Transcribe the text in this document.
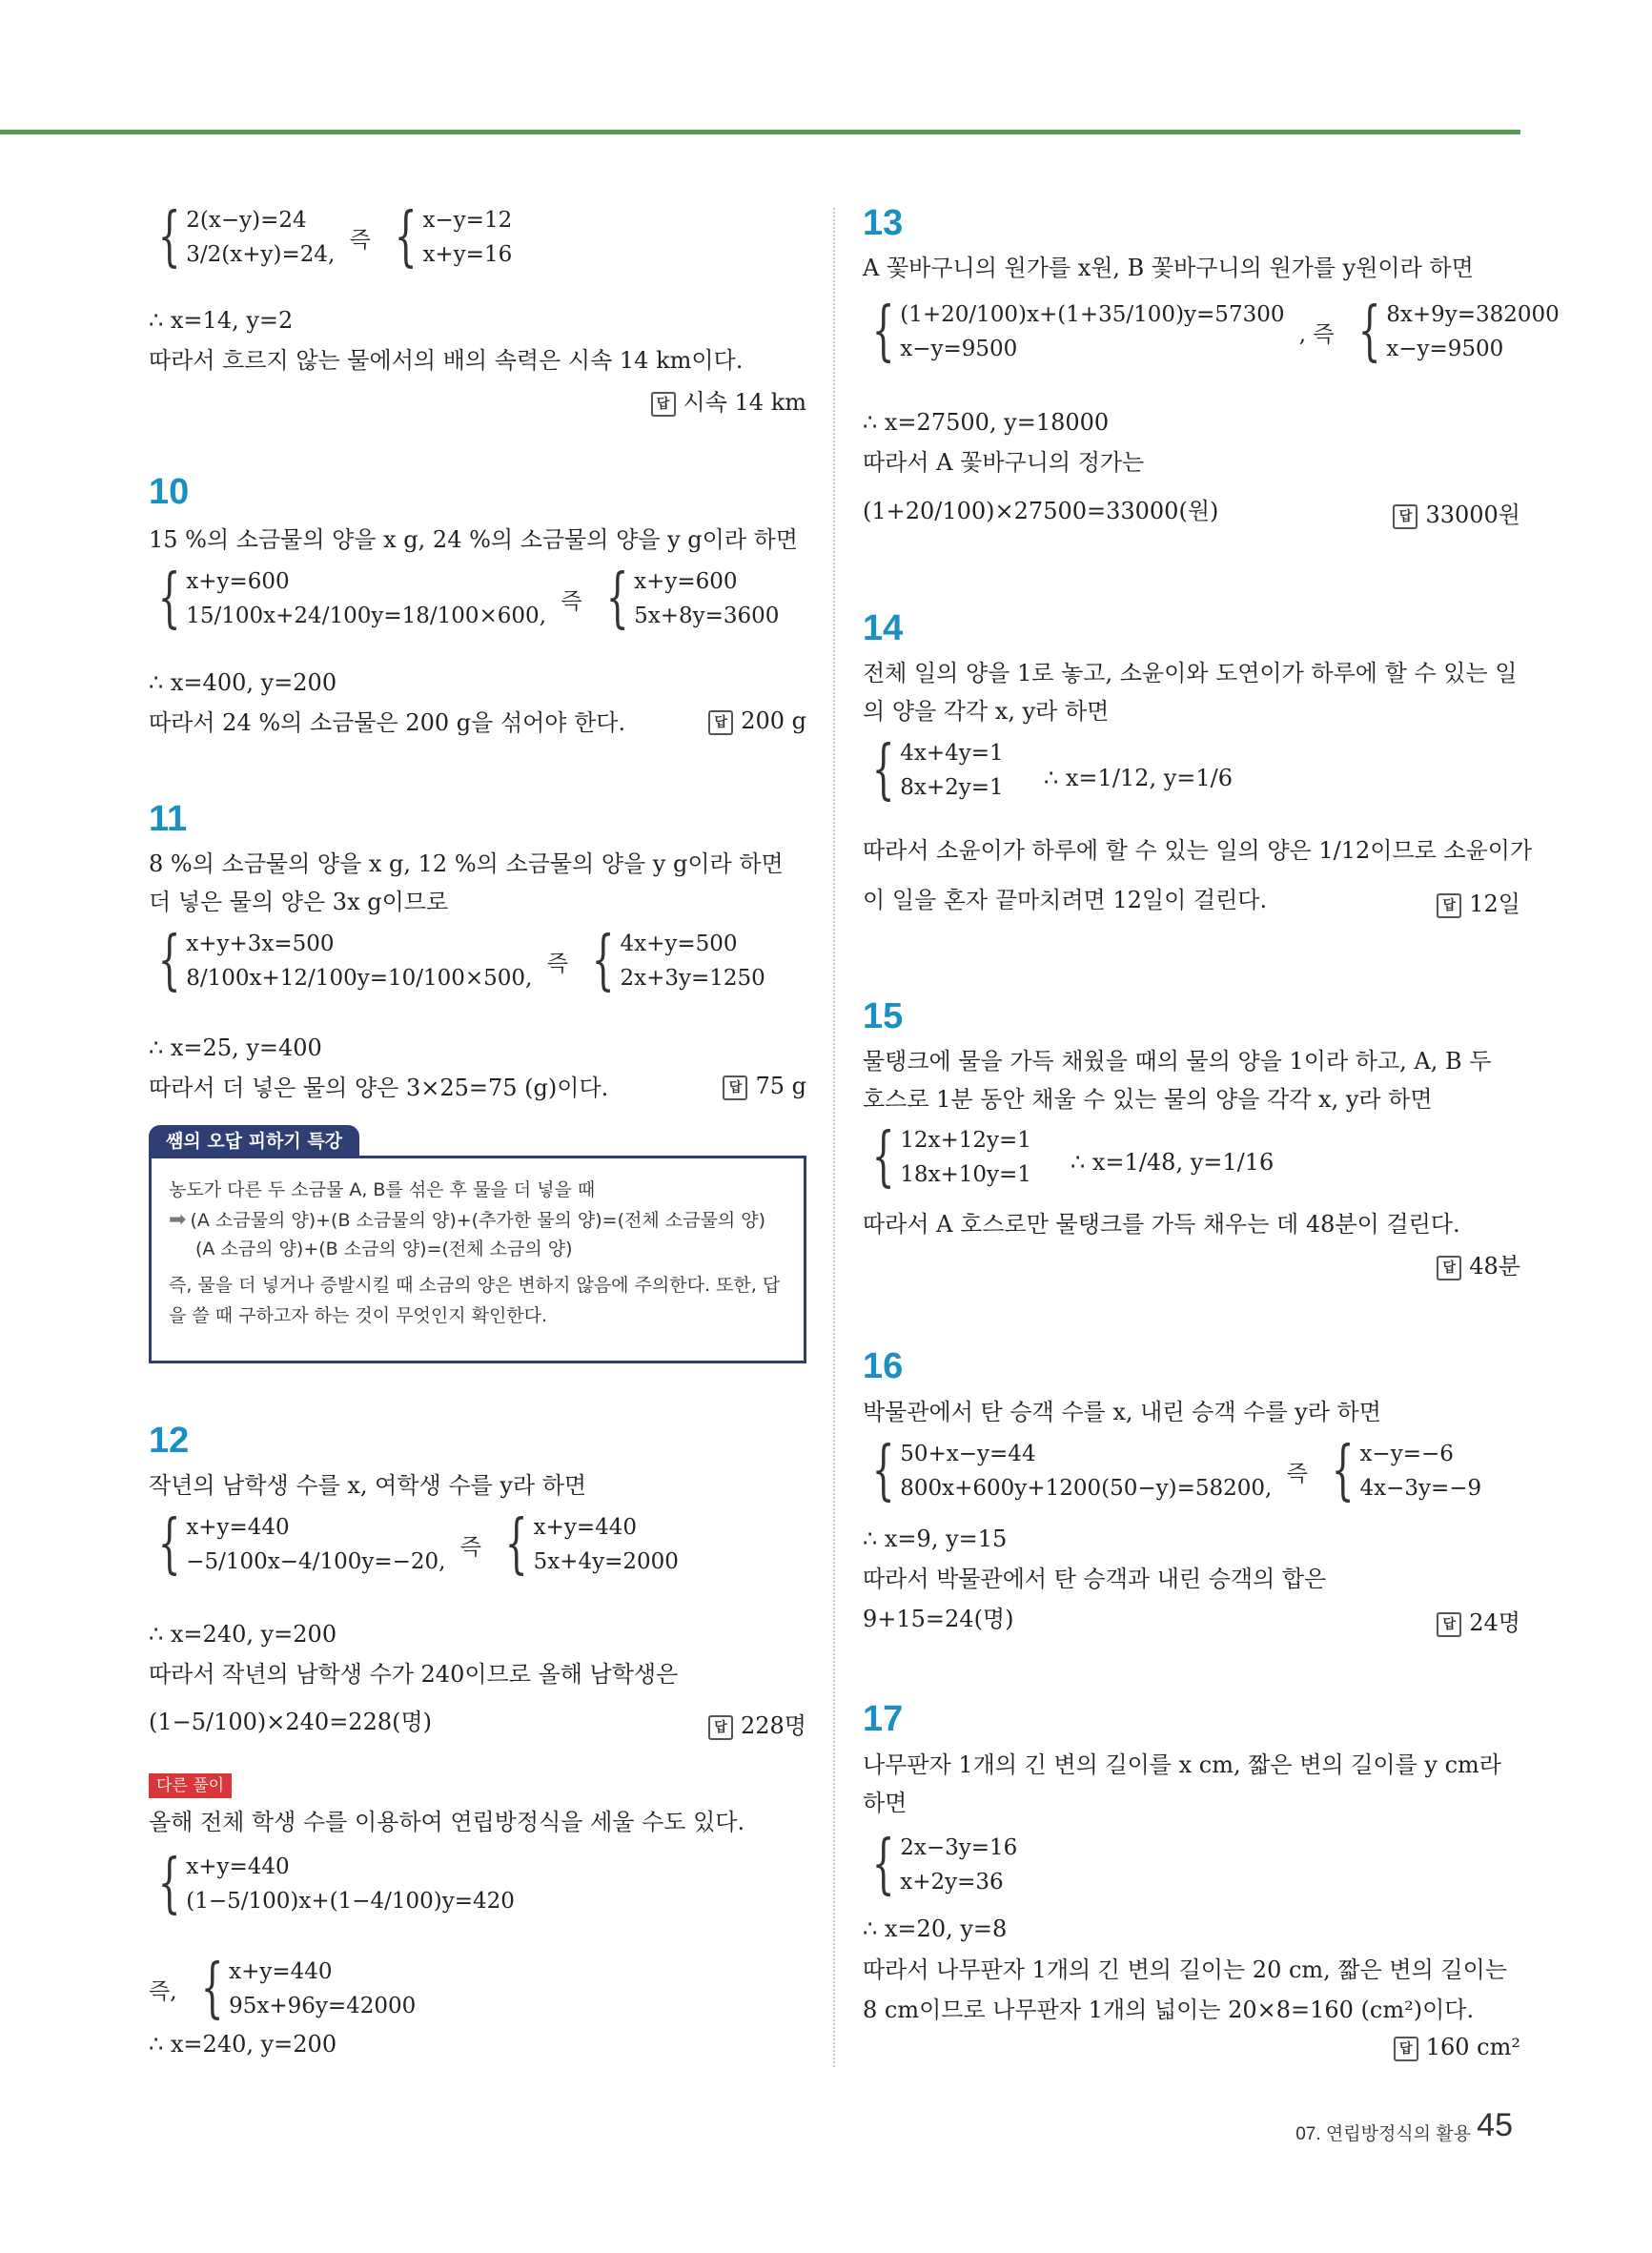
{ 2(x−y)=24
3/2(x+y)=24,
즉 { x−y=12
x+y=16
∴ x=14, y=2
따라서 흐르지 않는 물에서의 배의 속력은 시속 14 km이다.
답 시속 14 km
10
15 %의 소금물의 양을 x g, 24 %의 소금물의 양을 y g이라 하면
{ x+y=600
15/100x+24/100y=18/100×600,
즉 { x+y=600
5x+8y=3600
∴ x=400, y=200
따라서 24 %의 소금물은 200 g을 섞어야 한다.	답 200 g
11
8 %의 소금물의 양을 x g, 12 %의 소금물의 양을 y g이라 하면
더 넣은 물의 양은 3x g이므로
{ x+y+3x=500
8/100x+12/100y=10/100×500,
즉 { 4x+y=500
2x+3y=1250
∴ x=25, y=400
따라서 더 넣은 물의 양은 3×25=75 (g)이다.	답 75 g
쌤의 오답 피하기 특강
농도가 다른 두 소금물 A, B를 섞은 후 물을 더 넣을 때
➡ (A 소금물의 양)+(B 소금물의 양)+(추가한 물의 양)=(전체 소금물의 양)
(A 소금의 양)+(B 소금의 양)=(전체 소금의 양)
즉, 물을 더 넣거나 증발시킬 때 소금의 양은 변하지 않음에 주의한다. 또한, 답
을 쓸 때 구하고자 하는 것이 무엇인지 확인한다.
12
작년의 남학생 수를 x, 여학생 수를 y라 하면
{ x+y=440
−5/100x−4/100y=−20,
즉 { x+y=440
5x+4y=2000
∴ x=240, y=200
따라서 작년의 남학생 수가 240이므로 올해 남학생은
(1−5/100)×240=228(명)	답 228명
다른 풀이
올해 전체 학생 수를 이용하여 연립방정식을 세울 수도 있다.
{ x+y=440
(1−5/100)x+(1−4/100)y=420
즉, { x+y=440
95x+96y=42000
∴ x=240, y=200
13
A 꽃바구니의 원가를 x원, B 꽃바구니의 원가를 y원이라 하면
{ (1+20/100)x+(1+35/100)y=57300
x−y=9500
, 즉 { 8x+9y=382000
x−y=9500
∴ x=27500, y=18000
따라서 A 꽃바구니의 정가는
(1+20/100)×27500=33000(원)	답 33000원
14
전체 일의 양을 1로 놓고, 소윤이와 도연이가 하루에 할 수 있는 일
의 양을 각각 x, y라 하면
{ 4x+4y=1
8x+2y=1 ∴ x=1/12, y=1/6
따라서 소윤이가 하루에 할 수 있는 일의 양은 1/12이므로 소윤이가
이 일을 혼자 끝마치려면 12일이 걸린다.	답 12일
15
물탱크에 물을 가득 채웠을 때의 물의 양을 1이라 하고, A, B 두
호스로 1분 동안 채울 수 있는 물의 양을 각각 x, y라 하면
{ 12x+12y=1
18x+10y=1 ∴ x=1/48, y=1/16
따라서 A 호스로만 물탱크를 가득 채우는 데 48분이 걸린다.
답 48분
16
박물관에서 탄 승객 수를 x, 내린 승객 수를 y라 하면
{ 50+x−y=44
800x+600y+1200(50−y)=58200,
즉 { x−y=−6
4x−3y=−9
∴ x=9, y=15
따라서 박물관에서 탄 승객과 내린 승객의 합은
9+15=24(명)	답 24명
17
나무판자 1개의 긴 변의 길이를 x cm, 짧은 변의 길이를 y cm라
하면
{ 2x−3y=16
x+2y=36
∴ x=20, y=8
따라서 나무판자 1개의 긴 변의 길이는 20 cm, 짧은 변의 길이는
8 cm이므로 나무판자 1개의 넓이는 20×8=160 (cm²)이다.
답 160 cm²
07. 연립방정식의 활용 45
